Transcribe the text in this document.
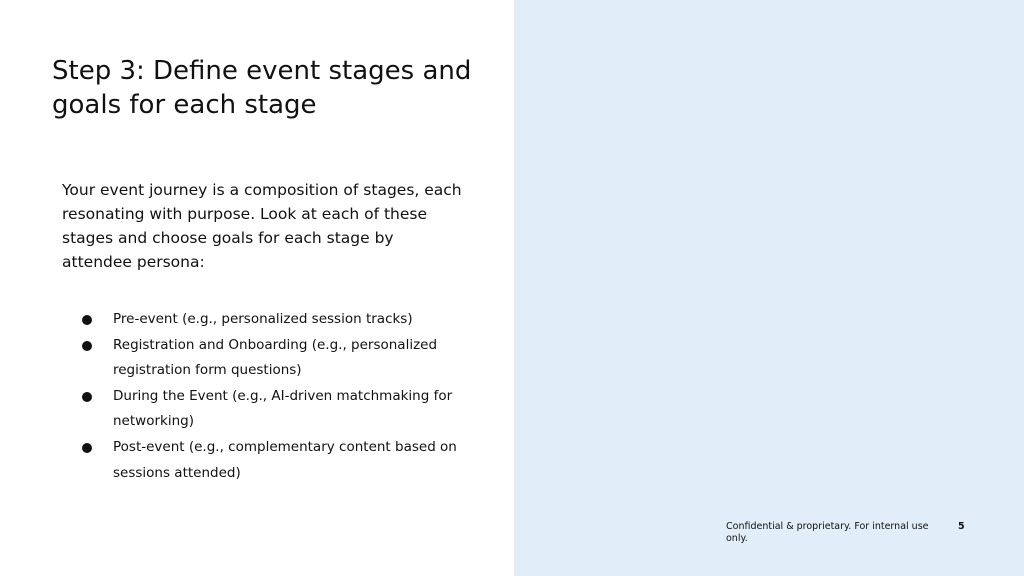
Step 3: Define event stages and goals for each stage

Your event journey is a composition of stages, each resonating with purpose. Look at each of these stages and choose goals for each stage by attendee persona:

Pre-event (e.g., personalized session tracks)
Registration and Onboarding (e.g., personalized registration form questions)
During the Event (e.g., AI-driven matchmaking for networking)
Post-event (e.g., complementary content based on sessions attended)
Confidential & proprietary. For internal use only.
5
